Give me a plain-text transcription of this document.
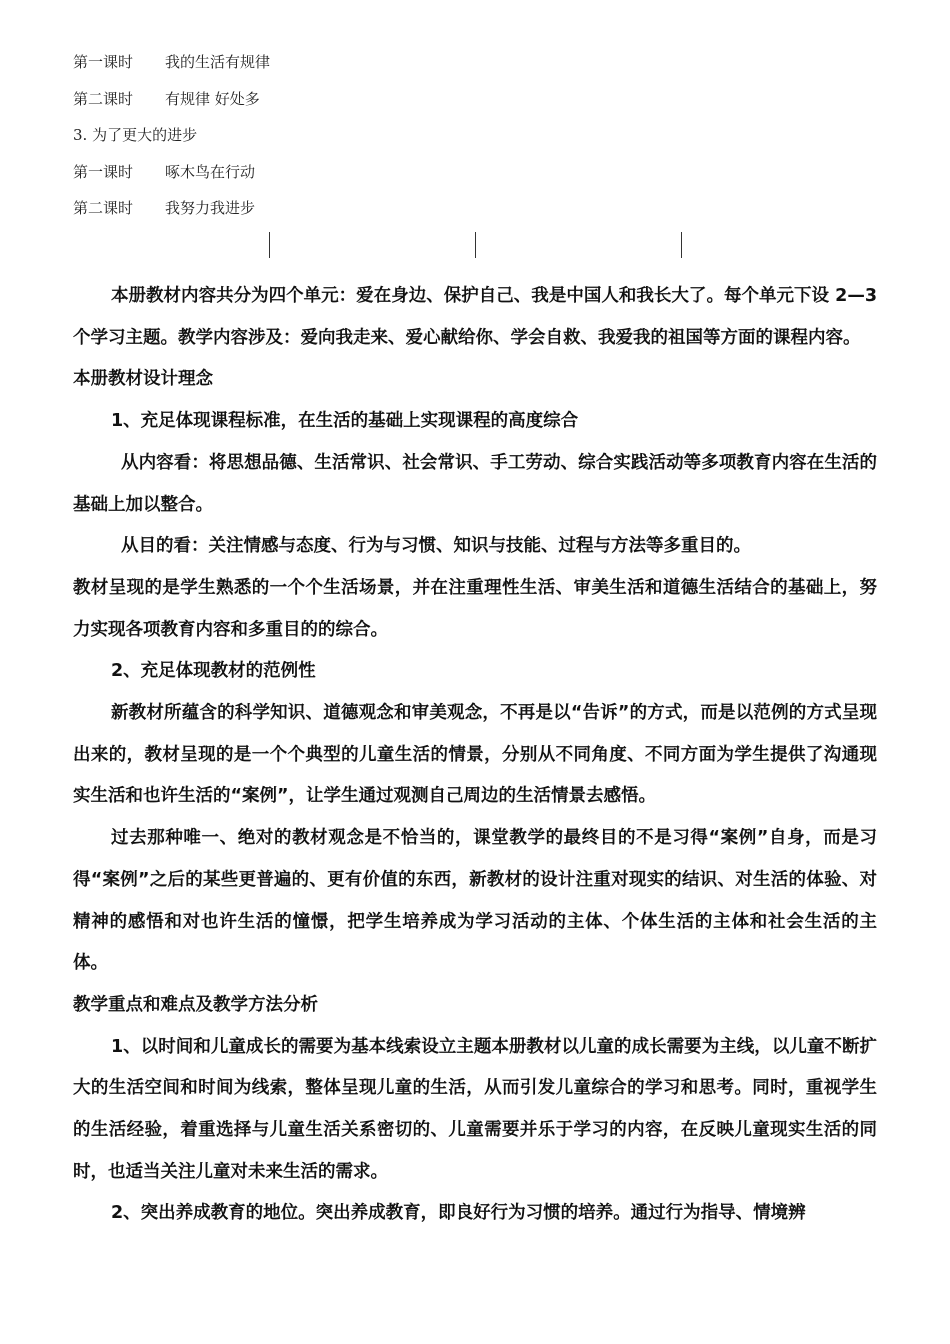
第一课时 我的生活有规律
第二课时 有规律 好处多
3. 为了更大的进步
第一课时 啄木鸟在行动
第二课时 我努力我进步

本册教材内容共分为四个单元：爱在身边、保护自己、我是中国人和我长大了。每个单元下设 2—3 个学习主题。教学内容涉及：爱向我走来、爱心献给你、学会自救、我爱我的祖国等方面的课程内容。

本册教材设计理念

1、充足体现课程标准，在生活的基础上实现课程的高度综合

从内容看：将思想品德、生活常识、社会常识、手工劳动、综合实践活动等多项教育内容在生活的基础上加以整合。

从目的看：关注情感与态度、行为与习惯、知识与技能、过程与方法等多重目的。

教材呈现的是学生熟悉的一个个生活场景，并在注重理性生活、审美生活和道德生活结合的基础上，努力实现各项教育内容和多重目的的综合。

2、充足体现教材的范例性

新教材所蕴含的科学知识、道德观念和审美观念，不再是以“告诉”的方式，而是以范例的方式呈现出来的，教材呈现的是一个个典型的儿童生活的情景，分别从不同角度、不同方面为学生提供了沟通现实生活和也许生活的“案例”，让学生通过观测自己周边的生活情景去感悟。

过去那种唯一、绝对的教材观念是不恰当的，课堂教学的最终目的不是习得“案例”自身，而是习得“案例”之后的某些更普遍的、更有价值的东西，新教材的设计注重对现实的结识、对生活的体验、对精神的感悟和对也许生活的憧憬，把学生培养成为学习活动的主体、个体生活的主体和社会生活的主体。

教学重点和难点及教学方法分析

1、以时间和儿童成长的需要为基本线索设立主题本册教材以儿童的成长需要为主线，以儿童不断扩大的生活空间和时间为线索，整体呈现儿童的生活，从而引发儿童综合的学习和思考。同时，重视学生的生活经验，着重选择与儿童生活关系密切的、儿童需要并乐于学习的内容，在反映儿童现实生活的同时，也适当关注儿童对未来生活的需求。

2、突出养成教育的地位。突出养成教育，即良好行为习惯的培养。通过行为指导、情境辨
